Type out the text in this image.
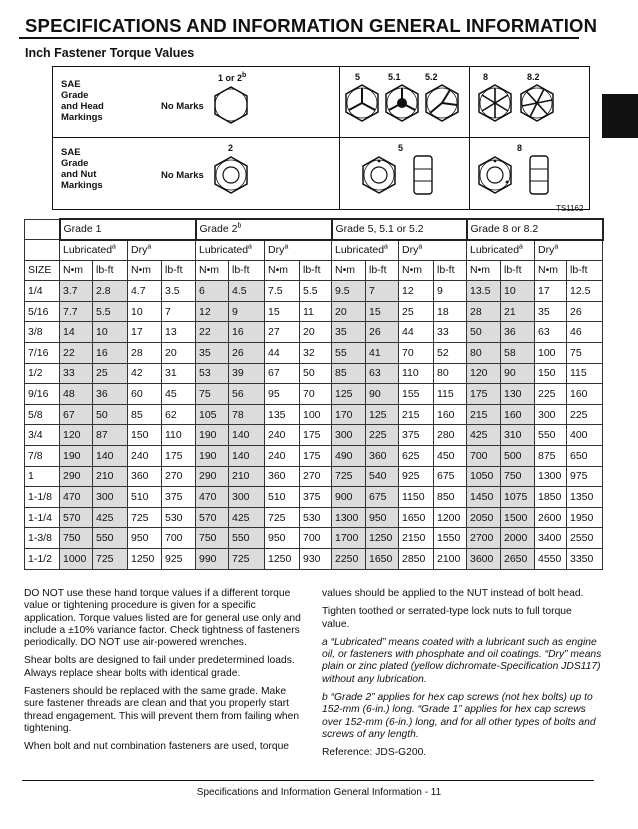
SPECIFICATIONS AND INFORMATION GENERAL INFORMATION
Inch Fastener Torque Values
SAE
Grade
and Head
Markings
SAE
Grade
and Nut
Markings
No Marks
No Marks
1 or 2$^b$	5	5.1	5.2	8	8.2
2	5	8
TS1162
	Grade 1				Grade 2$^b$				Grade 5, 5.1 or 5.2				Grade 8 or 8.2			
	Lubricated$^a$		Dry$^a$		Lubricated$^a$		Dry$^a$		Lubricated$^a$		Dry$^a$		Lubricated$^a$		Dry$^a$
SIZE	N•m	lb-ft	N•m	lb-ft	N•m	lb-ft	N•m	lb-ft	N•m	lb-ft	N•m	lb-ft	N•m	lb-ft	N•m	lb-ft
1/4	3.7	2.8	4.7	3.5	6	4.5	7.5	5.5	9.5	7	12	9	13.5	10	17	12.5
5/16	7.7	5.5	10	7	12	9	15	11	20	15	25	18	28	21	35	26
3/8	14	10	17	13	22	16	27	20	35	26	44	33	50	36	63	46
7/16	22	16	28	20	35	26	44	32	55	41	70	52	80	58	100	75
1/2	33	25	42	31	53	39	67	50	85	63	110	80	120	90	150	115
9/16	48	36	60	45	75	56	95	70	125	90	155	115	175	130	225	160
5/8	67	50	85	62	105	78	135	100	170	125	215	160	215	160	300	225
3/4	120	87	150	110	190	140	240	175	300	225	375	280	425	310	550	400
7/8	190	140	240	175	190	140	240	175	490	360	625	450	700	500	875	650
1	290	210	360	270	290	210	360	270	725	540	925	675	1050	750	1300	975
1-1/8	470	300	510	375	470	300	510	375	900	675	1150	850	1450	1075	1850	1350
1-1/4	570	425	725	530	570	425	725	530	1300	950	1650	1200	2050	1500	2600	1950
1-3/8	750	550	950	700	750	550	950	700	1700	1250	2150	1550	2700	2000	3400	2550
1-1/2	1000	725	1250	925	990	725	1250	930	2250	1650	2850	2100	3600	2650	4550	3350

DO NOT use these hand torque values if a different torque value or tightening procedure is given for a specific application. Torque values listed are for general use only and include a ±10% variance factor. Check tightness of fasteners periodically. DO NOT use air-powered wrenches.

Shear bolts are designed to fail under predetermined loads. Always replace shear bolts with identical grade.

Fasteners should be replaced with the same grade. Make sure fastener threads are clean and that you properly start thread engagement. This will prevent them from failing when tightening.

When bolt and nut combination fasteners are used, torque

values should be applied to the NUT instead of bolt head.

Tighten toothed or serrated-type lock nuts to full torque value.

a “Lubricated” means coated with a lubricant such as engine oil, or fasteners with phosphate and oil coatings. “Dry” means plain or zinc plated (yellow dichromate-Specification JDS117) without any lubrication.

b “Grade 2” applies for hex cap screws (not hex bolts) up to 152-mm (6-in.) long. “Grade 1” applies for hex cap screws over 152-mm (6-in.) long, and for all other types of bolts and screws of any length.

Reference: JDS-G200.

Specifications and Information General Information - 11
